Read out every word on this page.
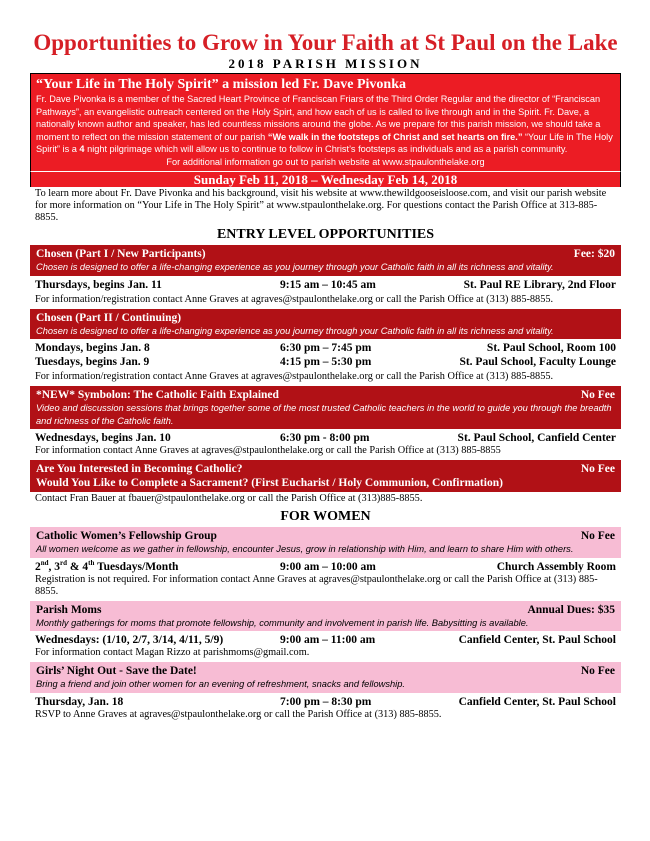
Opportunities to Grow in Your Faith at St Paul on the Lake
2018 PARISH MISSION
“Your Life in The Holy Spirit” a mission led Fr. Dave Pivonka

Fr. Dave Pivonka is a member of the Sacred Heart Province of Franciscan Friars of the Third Order Regular and the director of “Franciscan Pathways”, an evangelistic outreach centered on the Holy Spirt, and how each of us is called to live through and in the Spirit. Fr. Dave, a nationally known author and speaker, has led countless missions around the globe. As we prepare for this parish mission, we should take a moment to reflect on the mission statement of our parish “We walk in the footsteps of Christ and set hearts on fire.” “Your Life in The Holy Spirit” is a 4 night pilgrimage which will allow us to continue to follow in Christ’s footsteps as individuals and as a parish community.

For additional information go out to parish website at www.stpaulonthelake.org

Sunday Feb 11, 2018 – Wednesday Feb 14, 2018
To learn more about Fr. Dave Pivonka and his background, visit his website at www.thewildgooseisloose.com, and visit our parish website for more information on “Your Life in The Holy Spirit” at www.stpaulonthelake.org. For questions contact the Parish Office at 313-885-8855.
ENTRY LEVEL OPPORTUNITIES
Chosen (Part I / New Participants)	Fee: $20
Chosen is designed to offer a life-changing experience as you journey through your Catholic faith in all its richness and vitality.
Thursdays, begins Jan. 11	9:15 am – 10:45 am	St. Paul RE Library, 2nd Floor
For information/registration contact Anne Graves at agraves@stpaulonthelake.org or call the Parish Office at (313) 885-8855.
Chosen (Part II / Continuing)
Chosen is designed to offer a life-changing experience as you journey through your Catholic faith in all its richness and vitality.
Mondays, begins Jan. 8	6:30 pm – 7:45 pm	St. Paul School, Room 100
Tuesdays, begins Jan. 9	4:15 pm – 5:30 pm	St. Paul School, Faculty Lounge
For information/registration contact Anne Graves at agraves@stpaulonthelake.org or call the Parish Office at (313) 885-8855.
*NEW* Symbolon: The Catholic Faith Explained	No Fee
Video and discussion sessions that brings together some of the most trusted Catholic teachers in the world to guide you through the breadth and richness of the Catholic faith.
Wednesdays, begins Jan. 10	6:30 pm - 8:00 pm	St. Paul School, Canfield Center
For information contact Anne Graves at agraves@stpaulonthelake.org or call the Parish Office at (313) 885-8855
Are You Interested in Becoming Catholic?	No Fee
Would You Like to Complete a Sacrament? (First Eucharist / Holy Communion, Confirmation)
Contact Fran Bauer at fbauer@stpaulonthelake.org or call the Parish Office at (313)885-8855.
FOR WOMEN
Catholic Women’s Fellowship Group	No Fee
All women welcome as we gather in fellowship, encounter Jesus, grow in relationship with Him, and learn to share Him with others.
2nd, 3rd & 4th Tuesdays/Month	9:00 am – 10:00 am	Church Assembly Room
Registration is not required. For information contact Anne Graves at agraves@stpaulonthelake.org or call the Parish Office at (313) 885-8855.
Parish Moms	Annual Dues: $35
Monthly gatherings for moms that promote fellowship, community and involvement in parish life. Babysitting is available.
Wednesdays: (1/10, 2/7, 3/14, 4/11, 5/9)	9:00 am – 11:00 am	Canfield Center, St. Paul School
For information contact Magan Rizzo at parishmoms@gmail.com.
Girls’ Night Out - Save the Date!	No Fee
Bring a friend and join other women for an evening of refreshment, snacks and fellowship.
Thursday, Jan. 18	7:00 pm – 8:30 pm	Canfield Center, St. Paul School
RSVP to Anne Graves at agraves@stpaulonthelake.org or call the Parish Office at (313) 885-8855.
